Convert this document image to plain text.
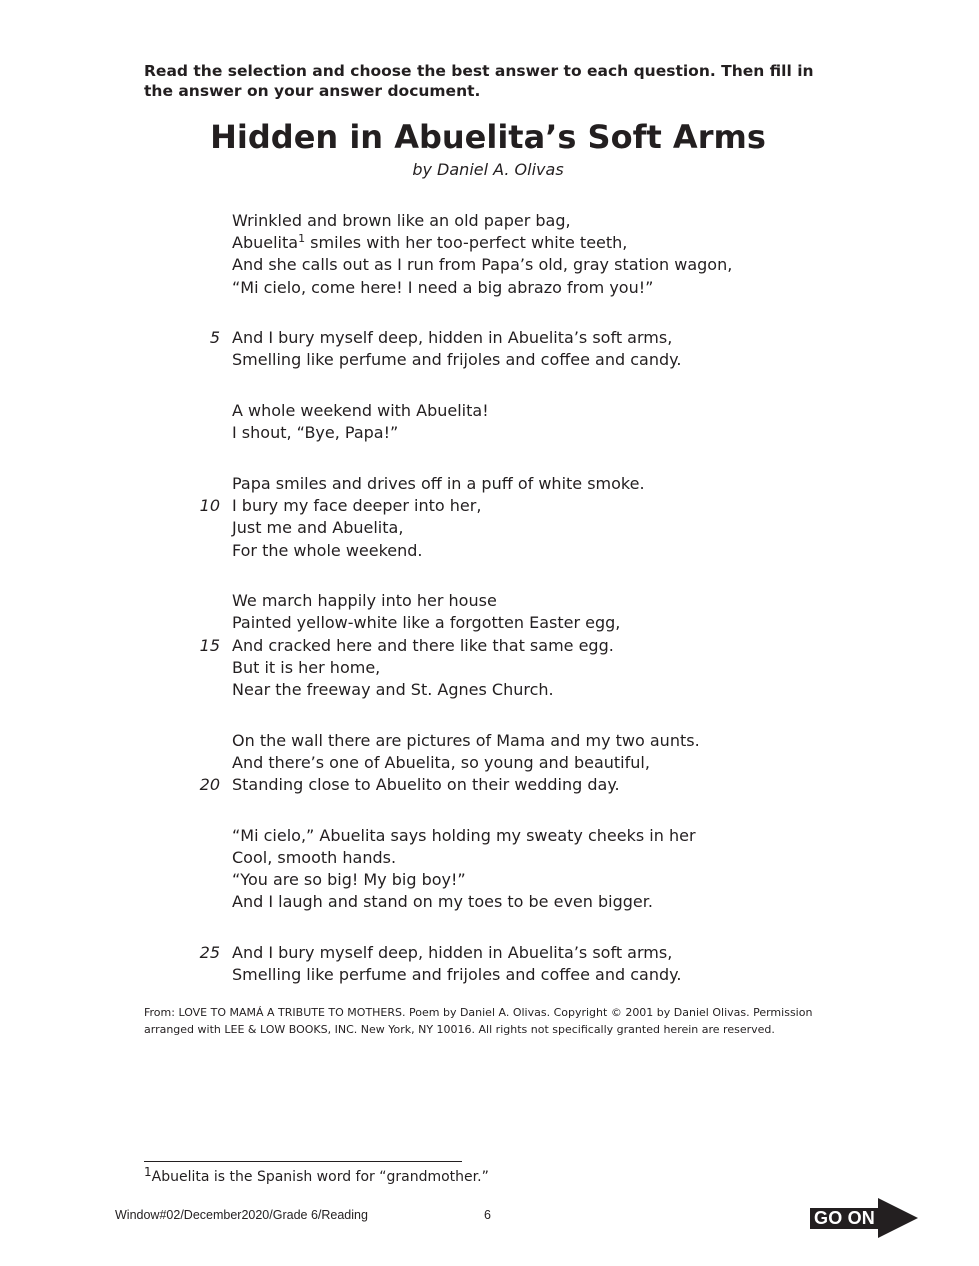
Read the selection and choose the best answer to each question. Then fill in the answer on your answer document.

Hidden in Abuelita’s Soft Arms
by Daniel A. Olivas
Wrinkled and brown like an old paper bag,
Abuelita$^1$ smiles with her too-perfect white teeth,
And she calls out as I run from Papa’s old, gray station wagon,
“Mi cielo, come here! I need a big abrazo from you!”
5 And I bury myself deep, hidden in Abuelita’s soft arms,
Smelling like perfume and frijoles and coffee and candy.
A whole weekend with Abuelita!
I shout, “Bye, Papa!”
Papa smiles and drives off in a puff of white smoke.
10 I bury my face deeper into her,
Just me and Abuelita,
For the whole weekend.
We march happily into her house
Painted yellow-white like a forgotten Easter egg,
15 And cracked here and there like that same egg.
But it is her home,
Near the freeway and St. Agnes Church.
On the wall there are pictures of Mama and my two aunts.
And there’s one of Abuelita, so young and beautiful,
20 Standing close to Abuelito on their wedding day.
“Mi cielo,” Abuelita says holding my sweaty cheeks in her
Cool, smooth hands.
“You are so big! My big boy!”
And I laugh and stand on my toes to be even bigger.
25 And I bury myself deep, hidden in Abuelita’s soft arms,
Smelling like perfume and frijoles and coffee and candy.

From: LOVE TO MAMÁ A TRIBUTE TO MOTHERS. Poem by Daniel A. Olivas. Copyright © 2001 by Daniel Olivas. Permission arranged with LEE & LOW BOOKS, INC. New York, NY 10016. All rights not specifically granted herein are reserved.

$^1$Abuelita is the Spanish word for “grandmother.”
Window#02/December2020/Grade 6/Reading	6	GO ON
